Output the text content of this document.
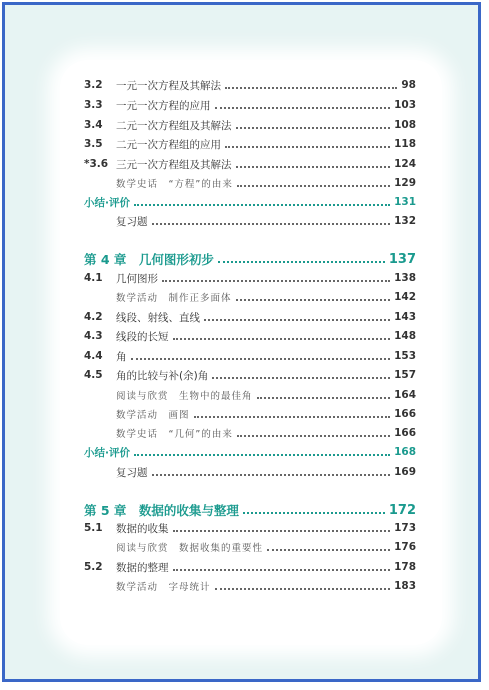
3.2	一元一次方程及其解法	98
3.3	一元一次方程的应用	103
3.4	二元一次方程组及其解法	108
3.5	二元一次方程组的应用	118
*3.6 三元一次方程组及其解法	124
数学史话　“方程”的由来	129
小结·评价	131
复习题	132
第 4 章　几何图形初步	137
4.1	几何图形	138
数学活动　制作正多面体	142
4.2	线段、射线、直线	143
4.3	线段的长短	148
4.4	角	153
4.5	角的比较与补(余)角	157
阅读与欣赏　生物中的最佳角	164
数学活动　画图	166
数学史话　“几何”的由来	166
小结·评价	168
复习题	169
第 5 章　数据的收集与整理	172
5.1	数据的收集	173
阅读与欣赏　数据收集的重要性	176
5.2	数据的整理	178
数学活动　字母统计	183
